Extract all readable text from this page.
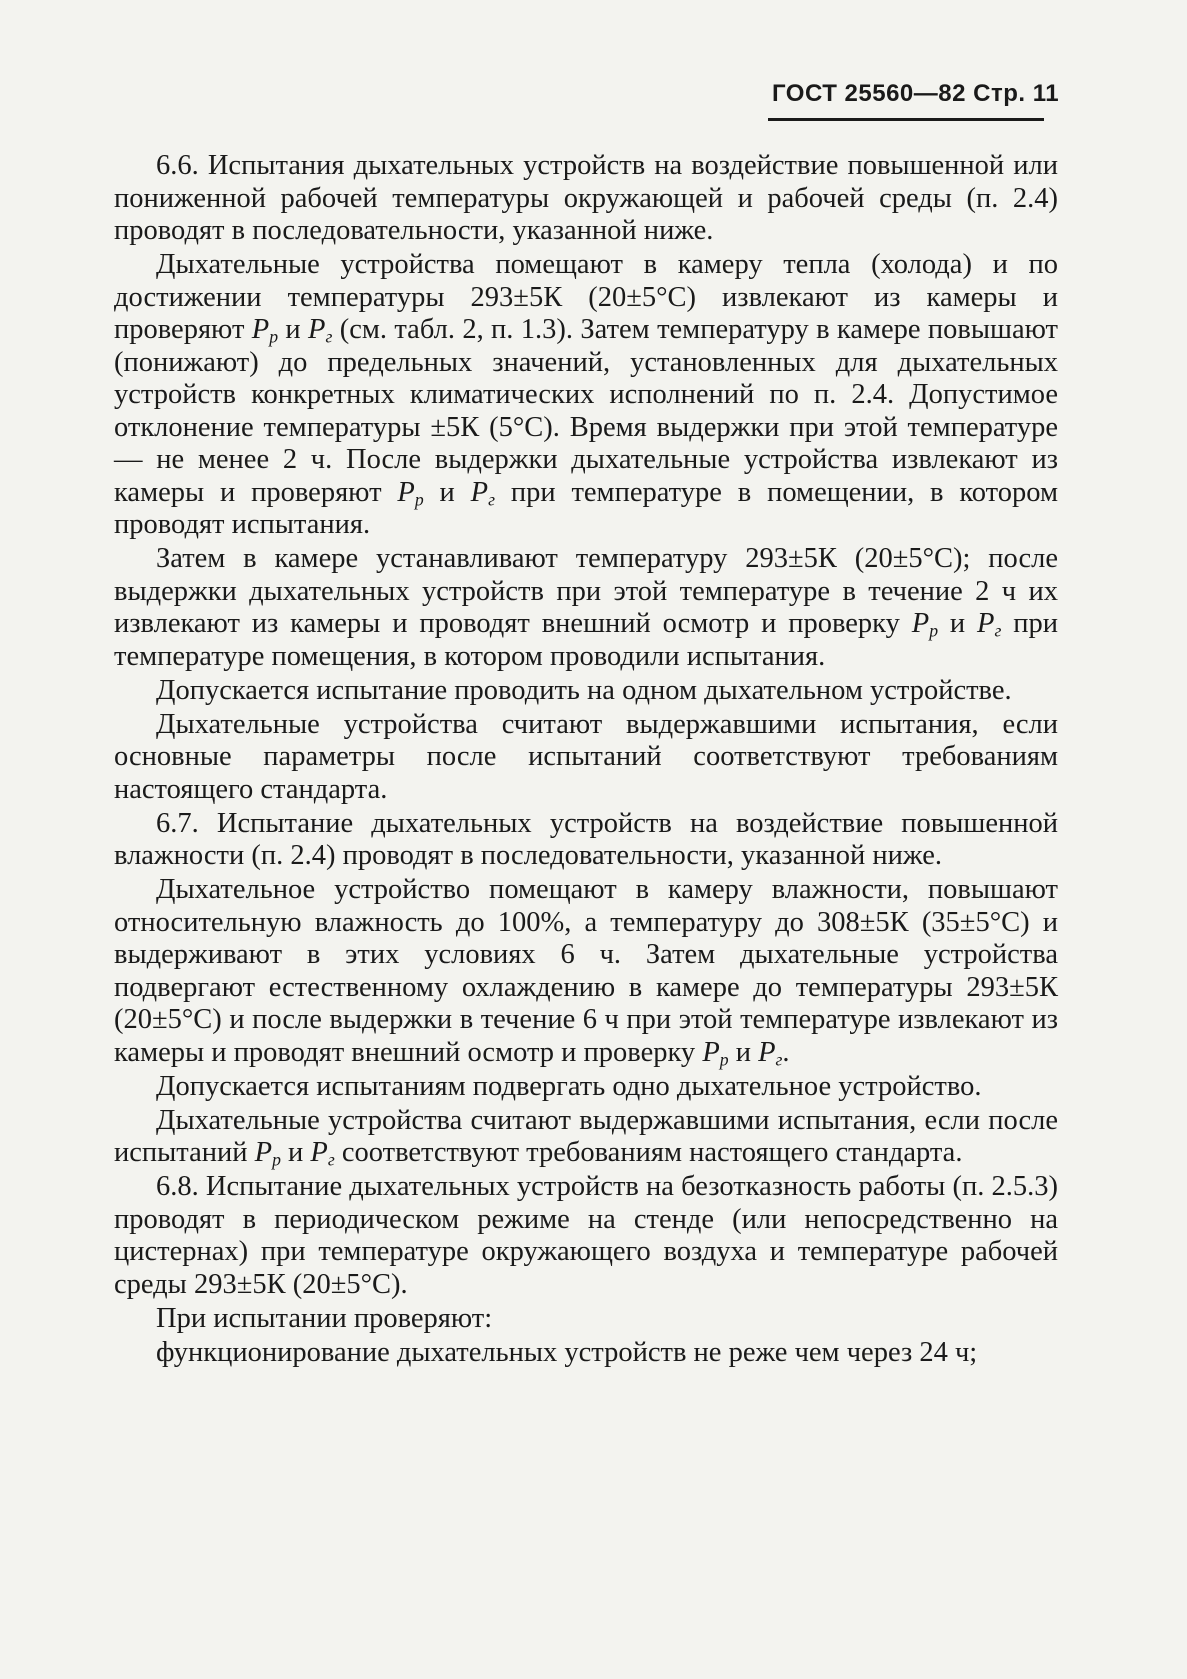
ГОСТ 25560—82 Стр. 11

6.6. Испытания дыхательных устройств на воздействие повышенной или пониженной рабочей температуры окружающей и рабочей среды (п. 2.4) проводят в последовательности, указанной ниже.

Дыхательные устройства помещают в камеру тепла (холода) и по достижении температуры 293±5К (20±5°С) извлекают из камеры и проверяют $P_р$ и $P_г$ (см. табл. 2, п. 1.3). Затем температуру в камере повышают (понижают) до предельных значений, установленных для дыхательных устройств конкретных климатических исполнений по п. 2.4. Допустимое отклонение температуры ±5К (5°С). Время выдержки при этой температуре — не менее 2 ч. После выдержки дыхательные устройства извлекают из камеры и проверяют $P_р$ и $P_г$ при температуре в помещении, в котором проводят испытания.

Затем в камере устанавливают температуру 293±5К (20±5°С); после выдержки дыхательных устройств при этой температуре в течение 2 ч их извлекают из камеры и проводят внешний осмотр и проверку $P_р$ и $P_г$ при температуре помещения, в котором проводили испытания.

Допускается испытание проводить на одном дыхательном устройстве.

Дыхательные устройства считают выдержавшими испытания, если основные параметры после испытаний соответствуют требованиям настоящего стандарта.

6.7. Испытание дыхательных устройств на воздействие повышенной влажности (п. 2.4) проводят в последовательности, указанной ниже.

Дыхательное устройство помещают в камеру влажности, повышают относительную влажность до 100%, а температуру до 308±5К (35±5°С) и выдерживают в этих условиях 6 ч. Затем дыхательные устройства подвергают естественному охлаждению в камере до температуры 293±5К (20±5°С) и после выдержки в течение 6 ч при этой температуре извлекают из камеры и проводят внешний осмотр и проверку $P_р$ и $P_г$.

Допускается испытаниям подвергать одно дыхательное устройство.

Дыхательные устройства считают выдержавшими испытания, если после испытаний $P_р$ и $P_г$ соответствуют требованиям настоящего стандарта.

6.8. Испытание дыхательных устройств на безотказность работы (п. 2.5.3) проводят в периодическом режиме на стенде (или непосредственно на цистернах) при температуре окружающего воздуха и температуре рабочей среды 293±5К (20±5°С).

При испытании проверяют:

функционирование дыхательных устройств не реже чем через 24 ч;
